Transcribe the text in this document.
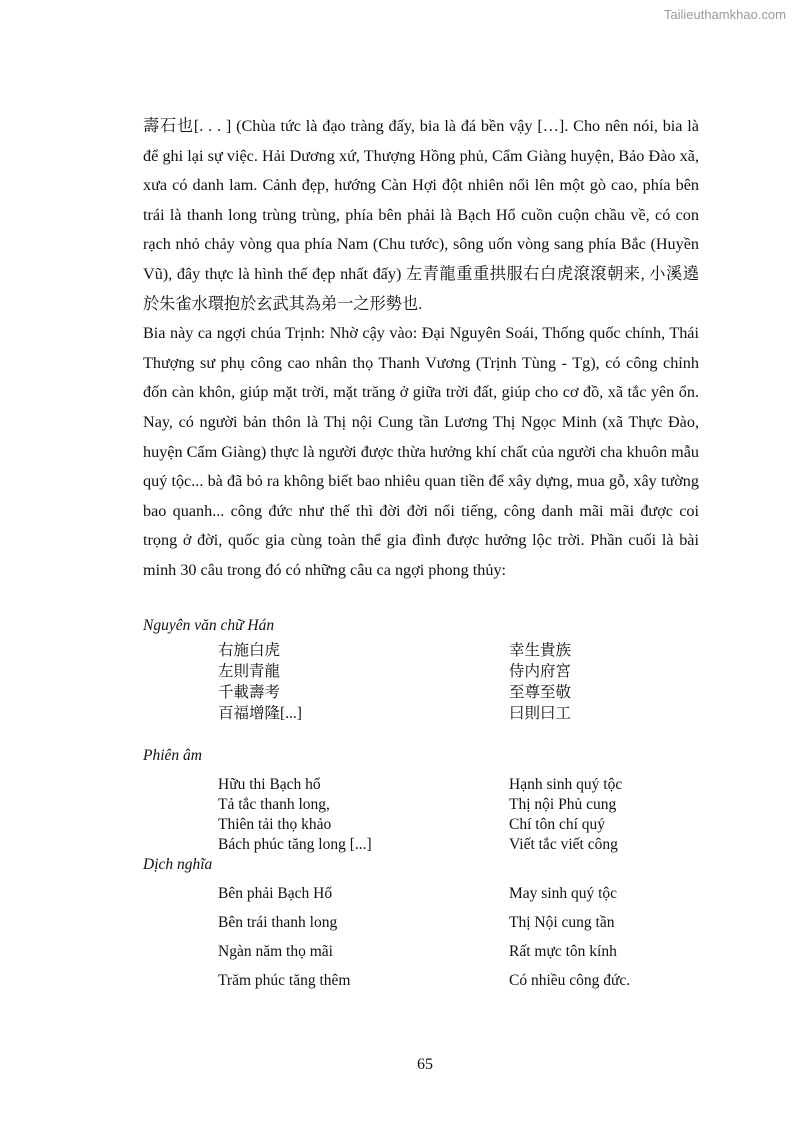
Tailieuthamkhao.com

壽石也[. . . ] (Chùa tức là đạo tràng đấy, bia là đá bền vậy […]. Cho nên nói, bia là để ghi lại sự việc. Hải Dương xứ, Thượng Hồng phủ, Cẩm Giàng huyện, Bảo Đào xã, xưa có danh lam. Cảnh đẹp, hướng Càn Hợi đột nhiên nổi lên một gò cao, phía bên trái là thanh long trùng trùng, phía bên phải là Bạch Hổ cuồn cuộn chầu về, có con rạch nhỏ chảy vòng qua phía Nam (Chu tước), sông uốn vòng sang phía Bắc (Huyền Vũ), đây thực là hình thế đẹp nhất đấy) 左青龍重重拱服右白虎滾滾朝来, 小溪遶於朱雀水環抱於玄武其為弟一之形勢也.

Bia này ca ngợi chúa Trịnh: Nhờ cậy vào: Đại Nguyên Soái, Thống quốc chính, Thái Thượng sư phụ công cao nhân thọ Thanh Vương (Trịnh Tùng - Tg), có công chỉnh đốn càn khôn, giúp mặt trời, mặt trăng ở giữa trời đất, giúp cho cơ đồ, xã tắc yên ổn. Nay, có người bản thôn là Thị nội Cung tần Lương Thị Ngọc Minh (xã Thực Đào, huyện Cẩm Giàng) thực là người được thừa hưởng khí chất của người cha khuôn mẫu quý tộc... bà đã bỏ ra không biết bao nhiêu quan tiền để xây dựng, mua gỗ, xây tường bao quanh... công đức như thế thì đời đời nổi tiếng, công danh mãi mãi được coi trọng ở đời, quốc gia cùng toàn thể gia đình được hưởng lộc trời. Phần cuối là bài minh 30 câu trong đó có những câu ca ngợi phong thủy:

Nguyên văn chữ Hán
右施白虎	幸生貴族
左則青龍	侍内府宮
千載壽考	至尊至敬
百福增隆[...]	曰則曰工
Phiên âm
Hữu thi Bạch hổ	Hạnh sinh quý tộc
Tả tắc thanh long,	Thị nội Phủ cung
Thiên tải thọ khảo	Chí tôn chí quý
Bách phúc tăng long [...]	Viết tắc viết công
Dịch nghĩa
Bên phải Bạch Hổ	May sinh quý tộc
Bên trái thanh long	Thị Nội cung tần
Ngàn năm thọ mãi	Rất mực tôn kính
Trăm phúc tăng thêm	Có nhiều công đức.
65
